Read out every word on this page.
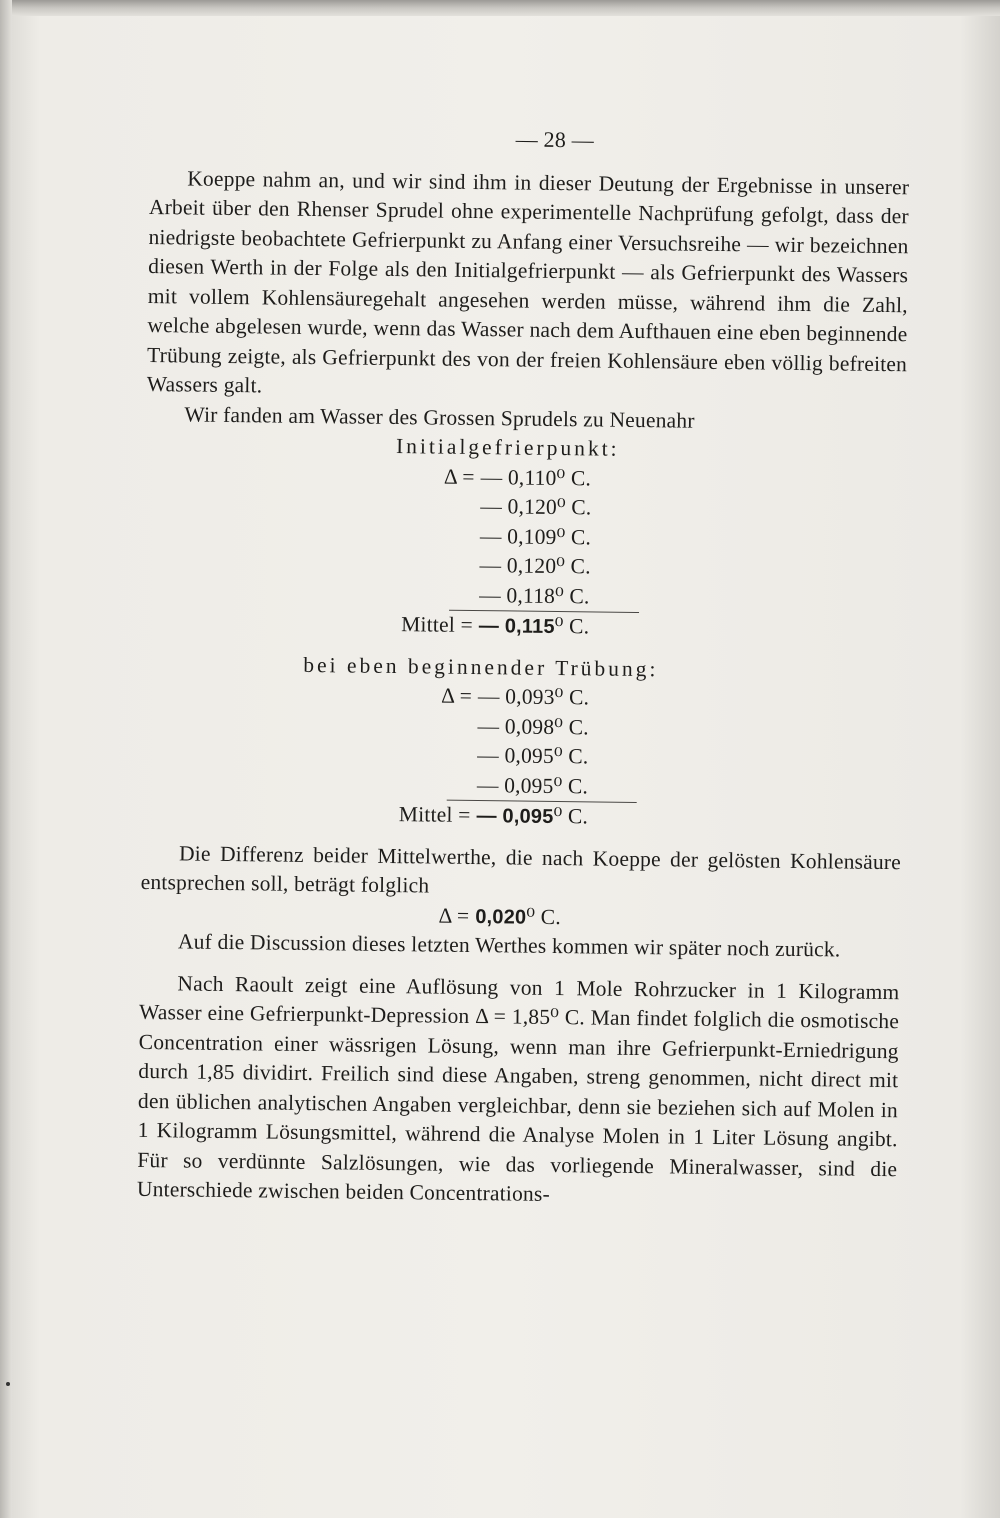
— 28 —

Koeppe nahm an, und wir sind ihm in dieser Deutung der Ergebnisse in unserer Arbeit über den Rhenser Sprudel ohne experimentelle Nachprüfung gefolgt, dass der niedrigste beobachtete Gefrierpunkt zu Anfang einer Versuchsreihe — wir bezeichnen diesen Werth in der Folge als den Initialgefrierpunkt — als Gefrierpunkt des Wassers mit vollem Kohlensäuregehalt angesehen werden müsse, während ihm die Zahl, welche abgelesen wurde, wenn das Wasser nach dem Aufthauen eine eben beginnende Trübung zeigte, als Gefrierpunkt des von der freien Kohlensäure eben völlig befreiten Wassers galt.

Wir fanden am Wasser des Grossen Sprudels zu Neuenahr

Initialgefrierpunkt:
Δ = — 0,110⁰ C.
— 0,120⁰ C.
— 0,109⁰ C.
— 0,120⁰ C.
— 0,118⁰ C.
Mittel = — 0,115⁰ C.
bei eben beginnender Trübung:
Δ = — 0,093⁰ C.
— 0,098⁰ C.
— 0,095⁰ C.
— 0,095⁰ C.
Mittel = — 0,095⁰ C.

Die Differenz beider Mittelwerthe, die nach Koeppe der gelösten Kohlensäure entsprechen soll, beträgt folglich

Δ = 0,020⁰ C.

Auf die Discussion dieses letzten Werthes kommen wir später noch zurück.

Nach Raoult zeigt eine Auflösung von 1 Mole Rohrzucker in 1 Kilogramm Wasser eine Gefrierpunkt-Depression Δ = 1,85⁰ C. Man findet folglich die osmotische Concentration einer wässrigen Lösung, wenn man ihre Gefrierpunkt-Erniedrigung durch 1,85 dividirt. Freilich sind diese Angaben, streng genommen, nicht direct mit den üblichen analytischen Angaben vergleichbar, denn sie beziehen sich auf Molen in 1 Kilogramm Lösungsmittel, während die Analyse Molen in 1 Liter Lösung angibt. Für so verdünnte Salzlösungen, wie das vorliegende Mineralwasser, sind die Unterschiede zwischen beiden Concentrations-
